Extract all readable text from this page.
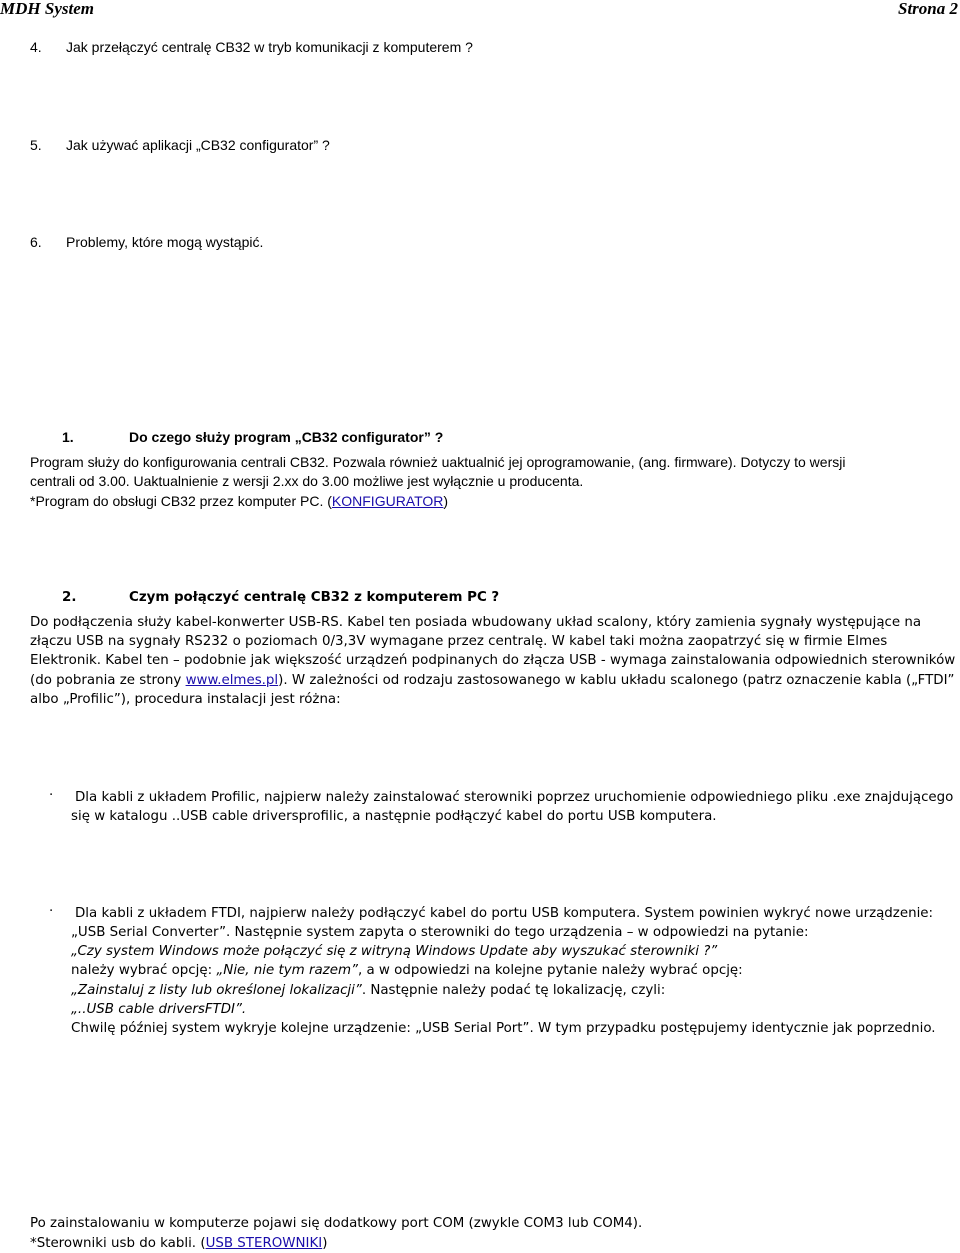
MDH System	Strona 2
4. Jak przełączyć centralę CB32 w tryb komunikacji z komputerem ?
5. Jak używać aplikacji „CB32 configurator” ?
6. Problemy, które mogą wystąpić.
1.	Do czego służy program „CB32 configurator” ?
Program służy do konfigurowania centrali CB32. Pozwala również uaktualnić jej oprogramowanie, (ang. firmware). Dotyczy to wersji
centrali od 3.00. Uaktualnienie z wersji 2.xx do 3.00 możliwe jest wyłącznie u producenta.
*Program do obsługi CB32 przez komputer PC. (KONFIGURATOR)
2.	Czym połączyć centralę CB32 z komputerem PC ?
Do podłączenia służy kabel-konwerter USB-RS. Kabel ten posiada wbudowany układ scalony, który zamienia sygnały występujące na
złączu USB na sygnały RS232 o poziomach 0/3,3V wymagane przez centralę. W kabel taki można zaopatrzyć się w firmie Elmes
Elektronik. Kabel ten – podobnie jak większość urządzeń podpinanych do złącza USB - wymaga zainstalowania odpowiednich sterowników
(do pobrania ze strony www.elmes.pl). W zależności od rodzaju zastosowanego w kablu układu scalonego (patrz oznaczenie kabla („FTDI”
albo „Profilic”), procedura instalacji jest różna:
· Dla kabli z układem Profilic, najpierw należy zainstalować sterowniki poprzez uruchomienie odpowiedniego pliku .exe znajdującego
się w katalogu ..USB cable driversprofilic, a następnie podłączyć kabel do portu USB komputera.
· Dla kabli z układem FTDI, najpierw należy podłączyć kabel do portu USB komputera. System powinien wykryć nowe urządzenie:
„USB Serial Converter”. Następnie system zapyta o sterowniki do tego urządzenia – w odpowiedzi na pytanie:
„Czy system Windows może połączyć się z witryną Windows Update aby wyszukać sterowniki ?”
należy wybrać opcję: „Nie, nie tym razem”, a w odpowiedzi na kolejne pytanie należy wybrać opcję:
„Zainstaluj z listy lub określonej lokalizacji”. Następnie należy podać tę lokalizację, czyli:
„..USB cable driversFTDI”.
Chwilę później system wykryje kolejne urządzenie: „USB Serial Port”. W tym przypadku postępujemy identycznie jak poprzednio.
Po zainstalowaniu w komputerze pojawi się dodatkowy port COM (zwykle COM3 lub COM4).
*Sterowniki usb do kabli. (USB STEROWNIKI)
